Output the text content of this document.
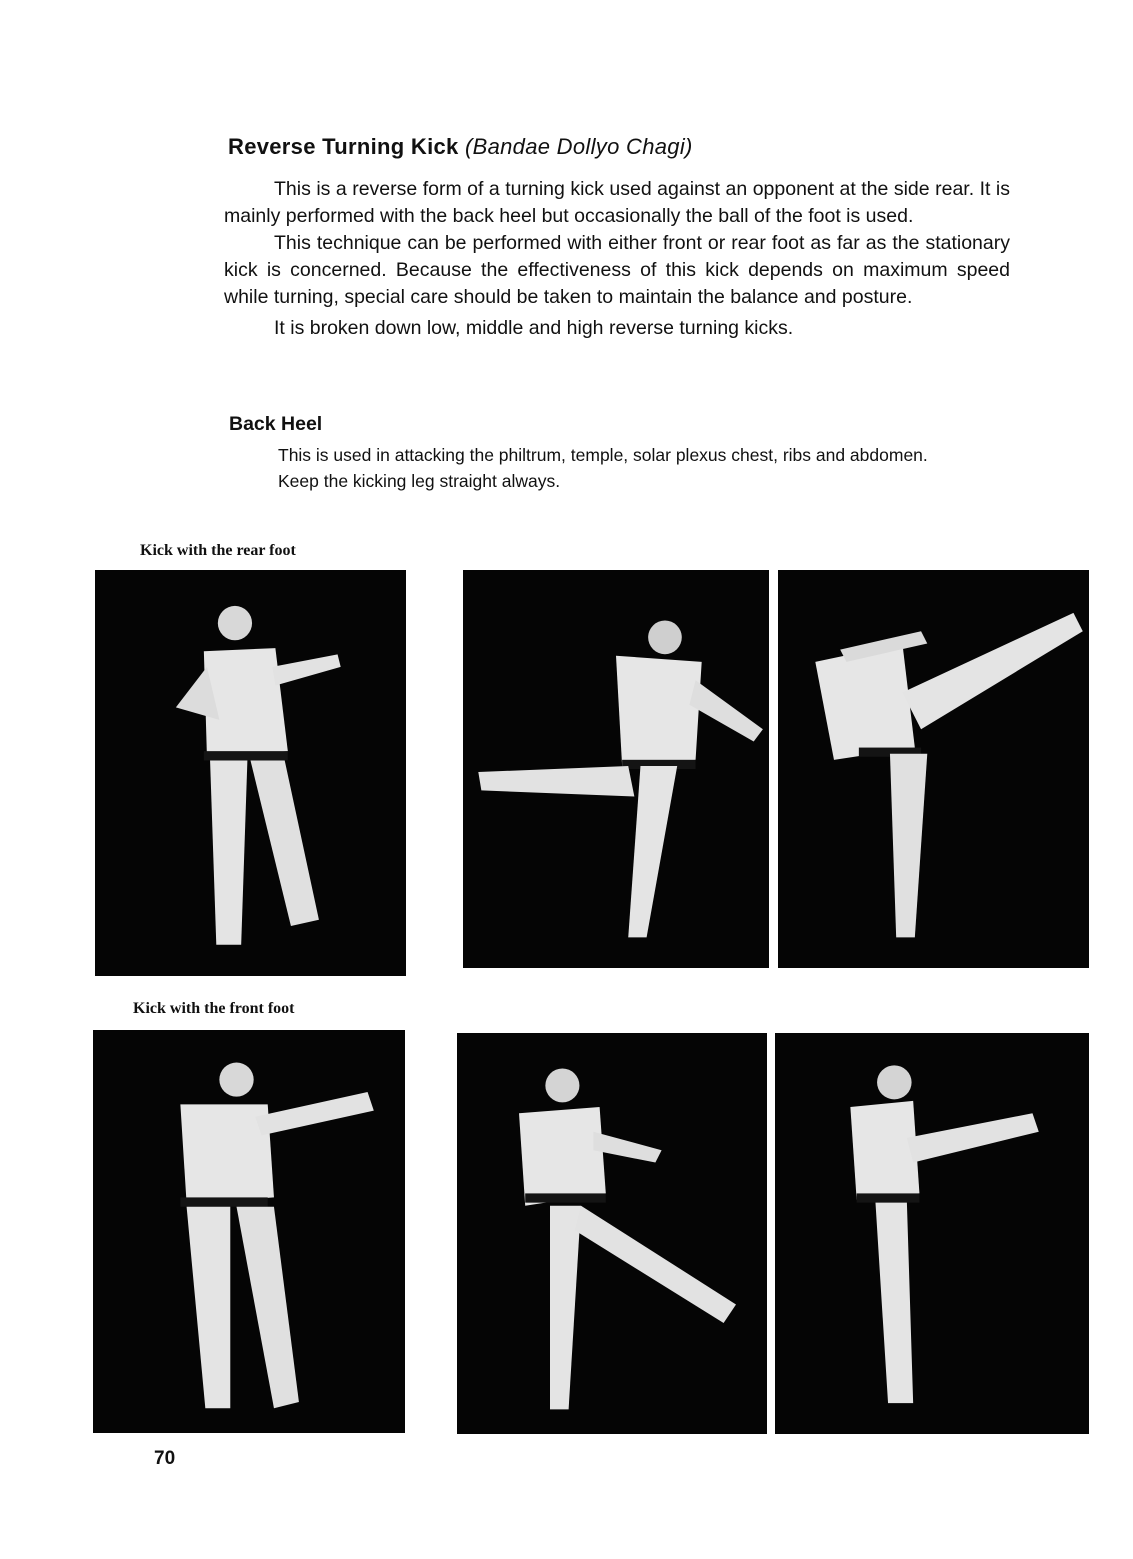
Reverse Turning Kick (Bandae Dollyo Chagi)

This is a reverse form of a turning kick used against an opponent at the side rear. It is mainly performed with the back heel but occasionally the ball of the foot is used.

This technique can be performed with either front or rear foot as far as the stationary kick is concerned. Because the effectiveness of this kick depends on maximum speed while turning, special care should be taken to maintain the balance and posture.

It is broken down low, middle and high reverse turning kicks.

Back Heel

This is used in attacking the philtrum, temple, solar plexus chest, ribs and abdomen.

Keep the kicking leg straight always.

Kick with the rear foot
Kick with the front foot
70
